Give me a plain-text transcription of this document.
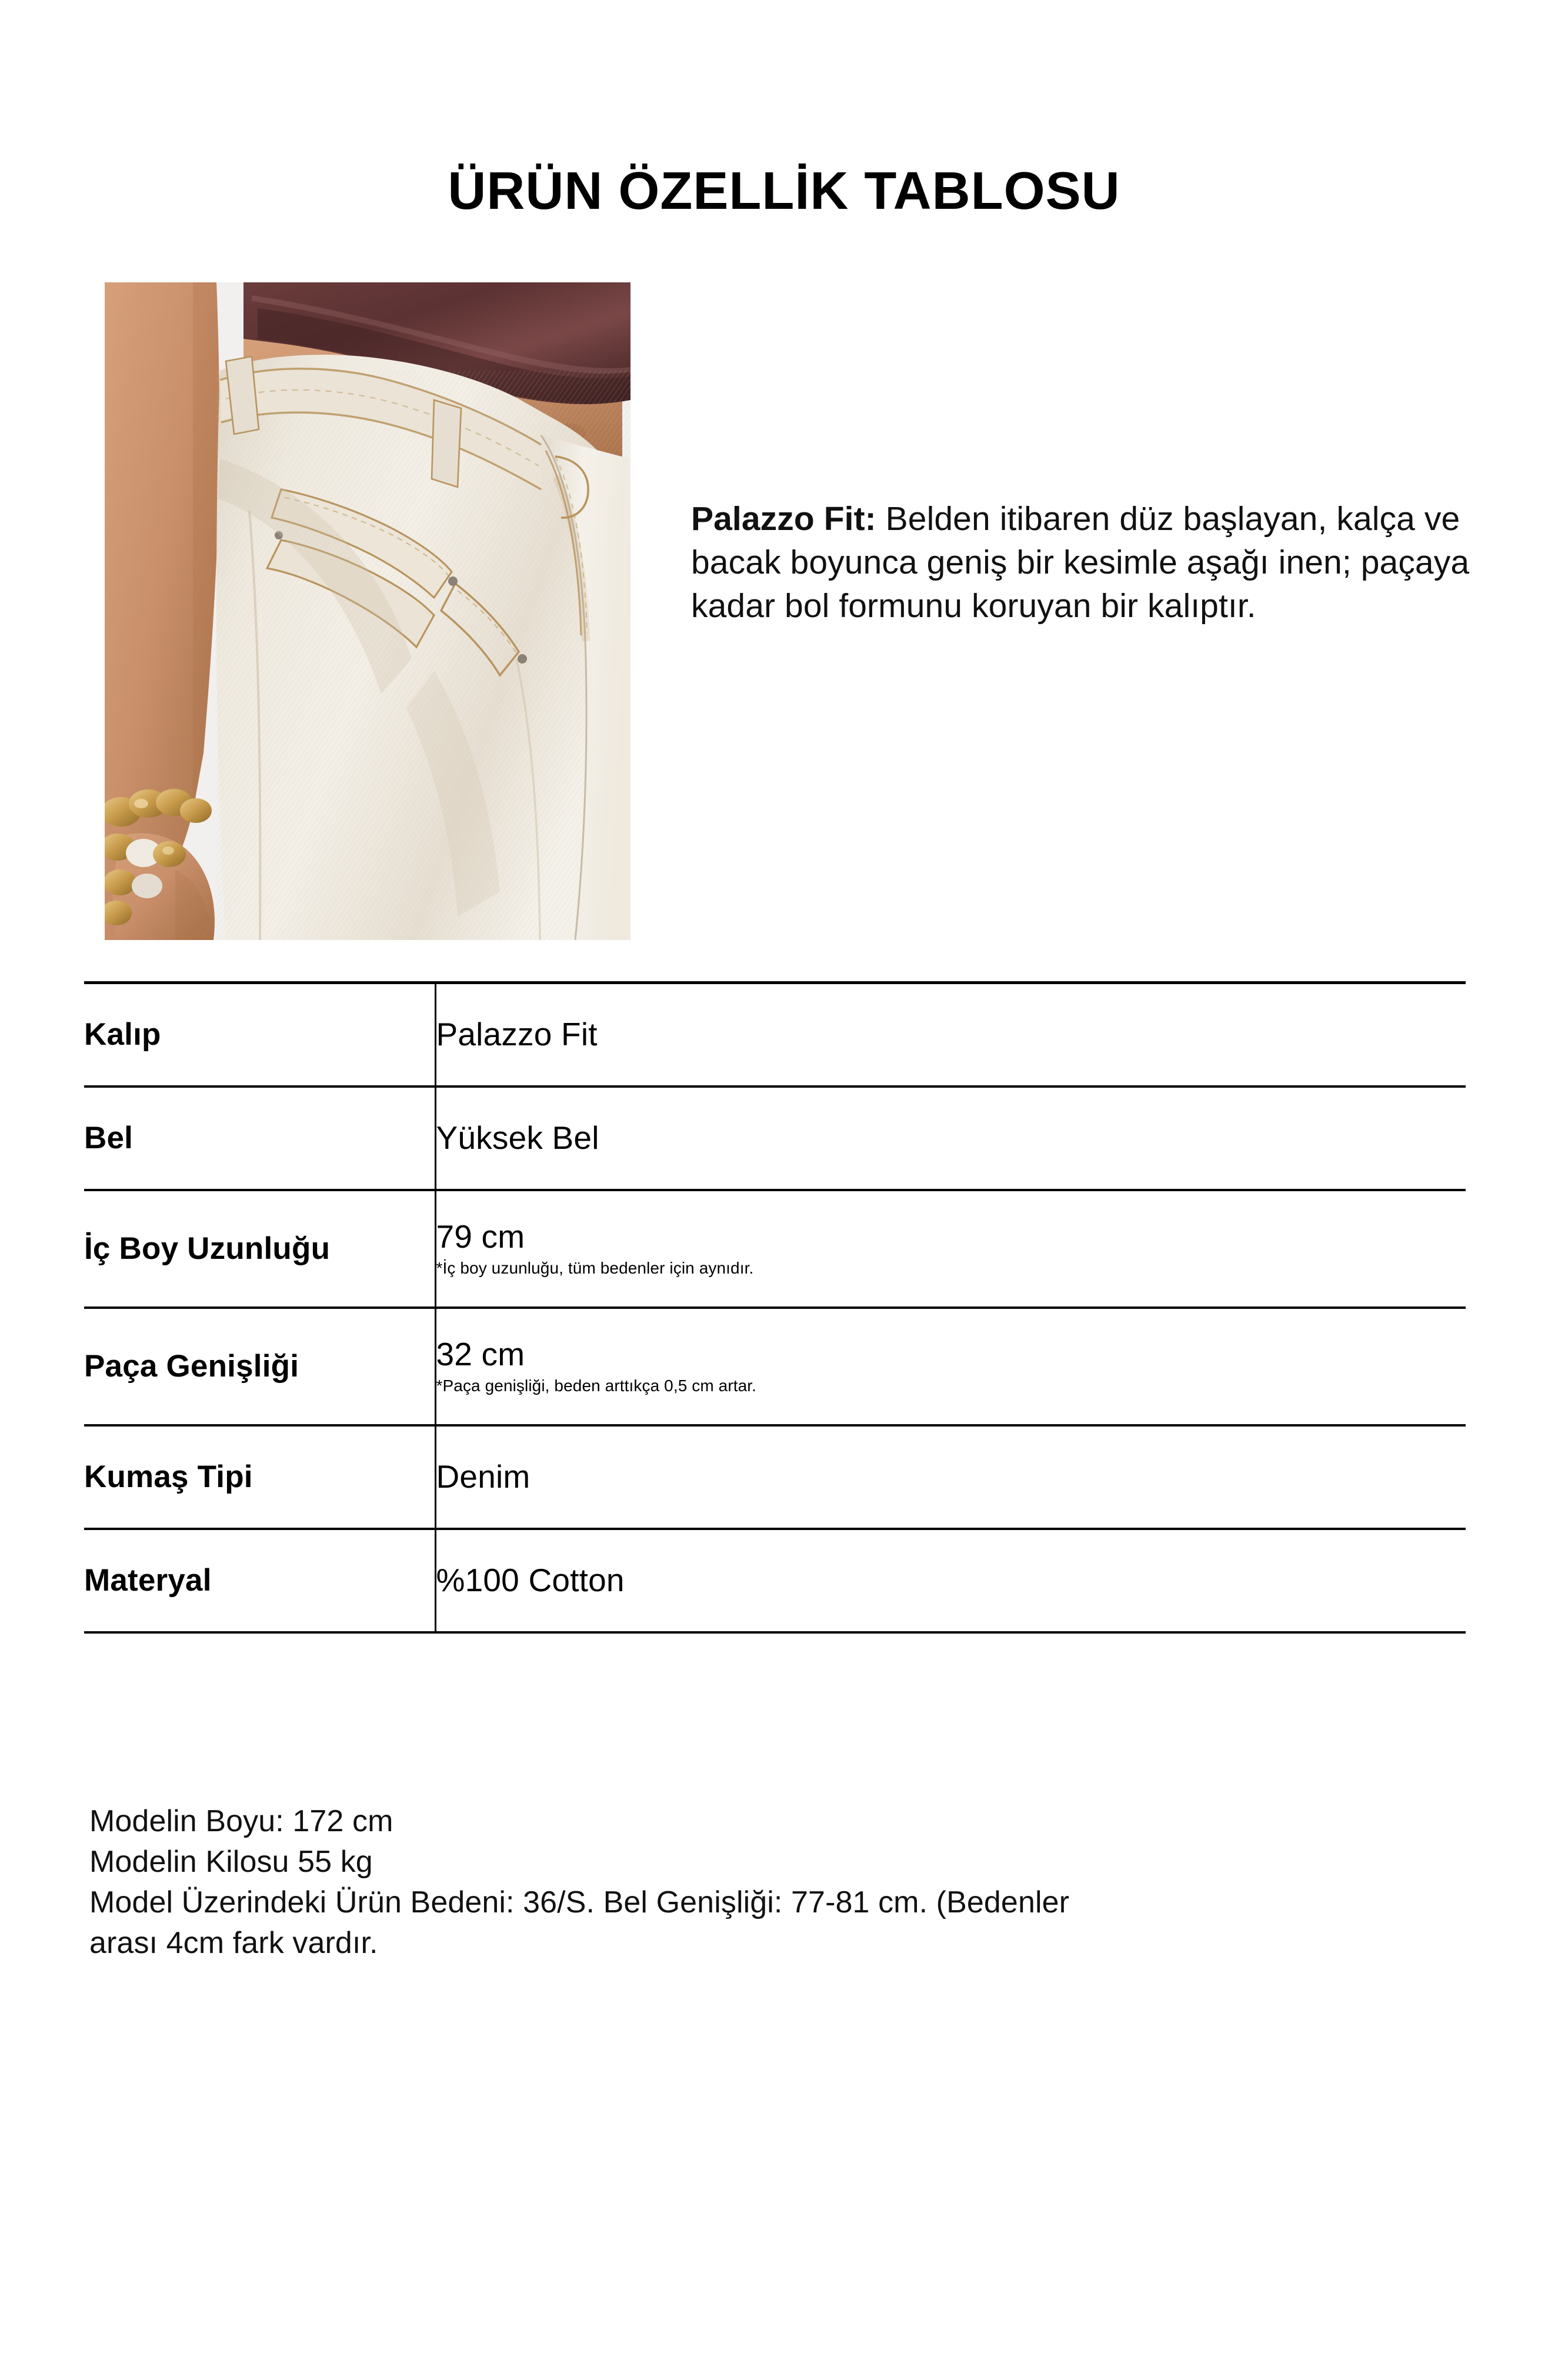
ÜRÜN ÖZELLİK TABLOSU

Palazzo Fit: Belden itibaren düz başlayan, kalça ve bacak boyunca geniş bir kesimle aşağı inen; paçaya kadar bol formunu koruyan bir kalıptır.

Kalıp	Palazzo Fit

Bel	Yüksek Bel

İç Boy Uzunluğu	79 cm
*İç boy uzunluğu, tüm bedenler için aynıdır.

Paça Genişliği	32 cm
*Paça genişliği, beden arttıkça 0,5 cm artar.

Kumaş Tipi	Denim

Materyal	%100 Cotton

Modelin Boyu: 172 cm

Modelin Kilosu 55 kg

Model Üzerindeki Ürün Bedeni: 36/S. Bel Genişliği: 77-81 cm. (Bedenler

arası 4cm fark vardır.
